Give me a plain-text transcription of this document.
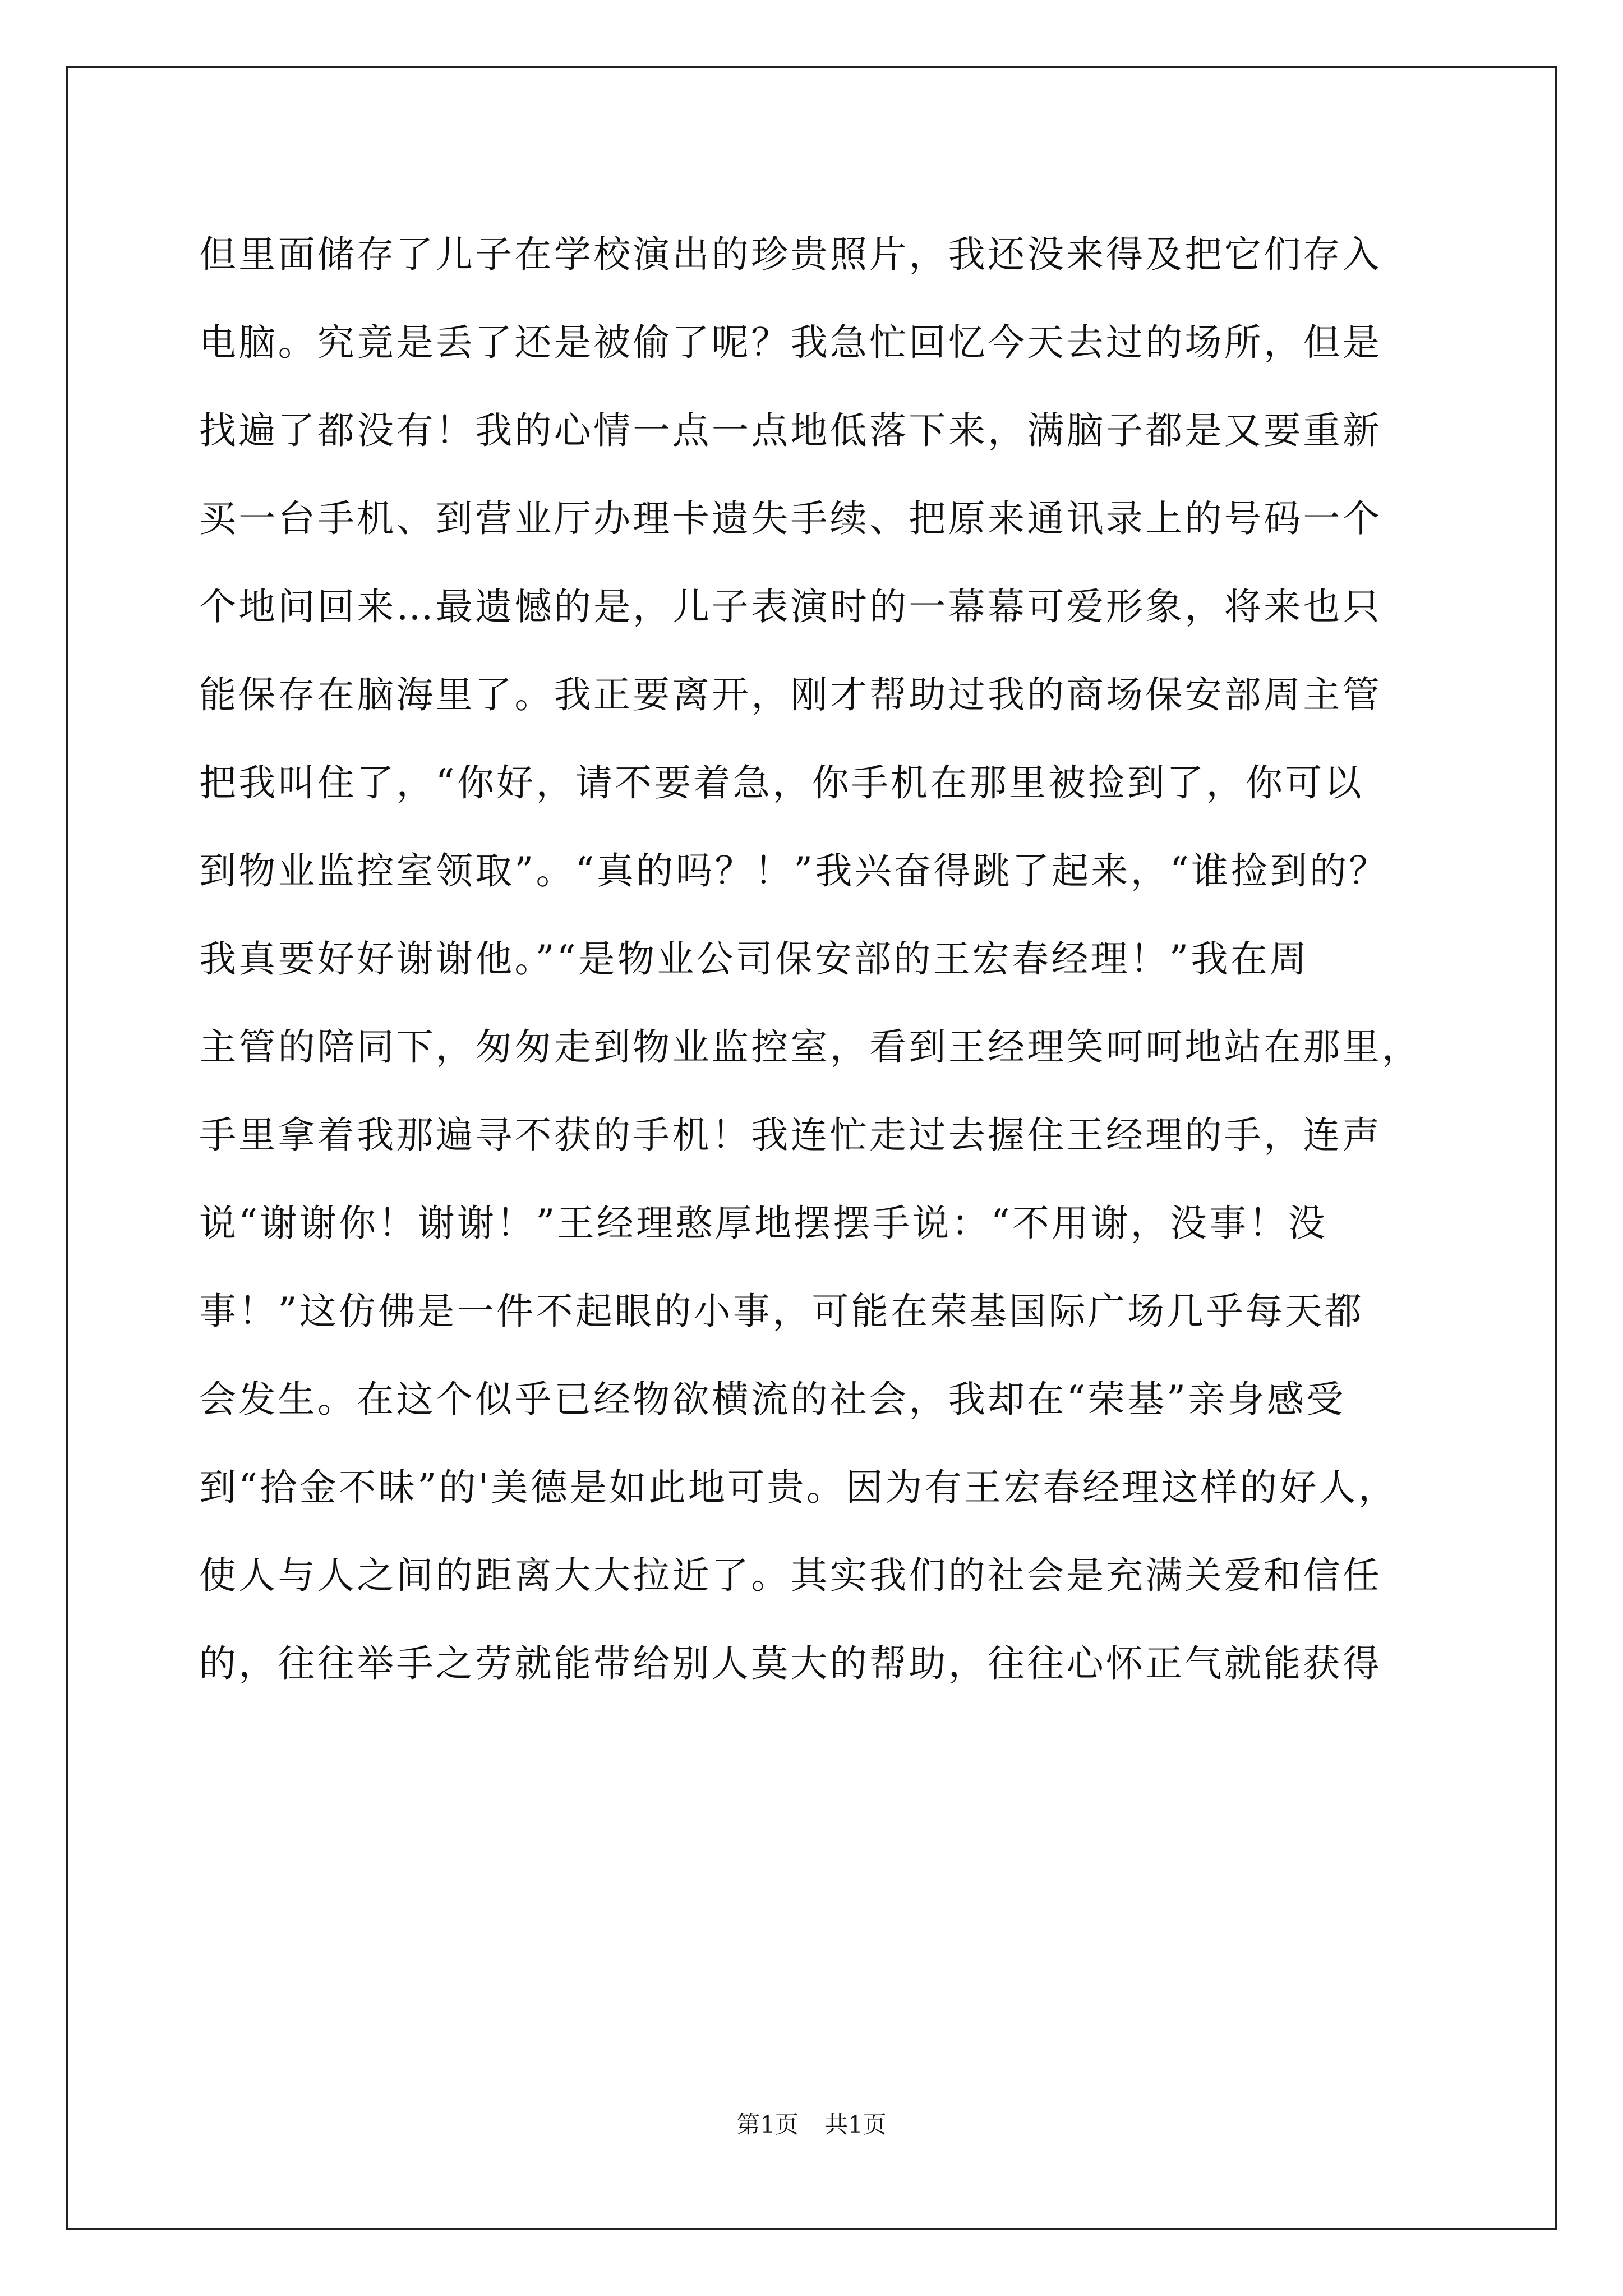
但里面储存了儿子在学校演出的珍贵照片，我还没来得及把它们存入
电脑。究竟是丢了还是被偷了呢？我急忙回忆今天去过的场所，但是
找遍了都没有！我的心情一点一点地低落下来，满脑子都是又要重新
买一台手机、到营业厅办理卡遗失手续、把原来通讯录上的号码一个
个地问回来…最遗憾的是，儿子表演时的一幕幕可爱形象，将来也只
能保存在脑海里了。我正要离开，刚才帮助过我的商场保安部周主管
把我叫住了，“你好，请不要着急，你手机在那里被捡到了，你可以
到物业监控室领取”。“真的吗？！”我兴奋得跳了起来，“谁捡到的？
我真要好好谢谢他。”“是物业公司保安部的王宏春经理！”我在周
主管的陪同下，匆匆走到物业监控室，看到王经理笑呵呵地站在那里，
手里拿着我那遍寻不获的手机！我连忙走过去握住王经理的手，连声
说“谢谢你！谢谢！”王经理憨厚地摆摆手说：“不用谢，没事！没
事！”这仿佛是一件不起眼的小事，可能在荣基国际广场几乎每天都
会发生。在这个似乎已经物欲横流的社会，我却在“荣基”亲身感受
到“拾金不昧”的'美德是如此地可贵。因为有王宏春经理这样的好人，
使人与人之间的距离大大拉近了。其实我们的社会是充满关爱和信任
的，往往举手之劳就能带给别人莫大的帮助，往往心怀正气就能获得
第1页 共1页
